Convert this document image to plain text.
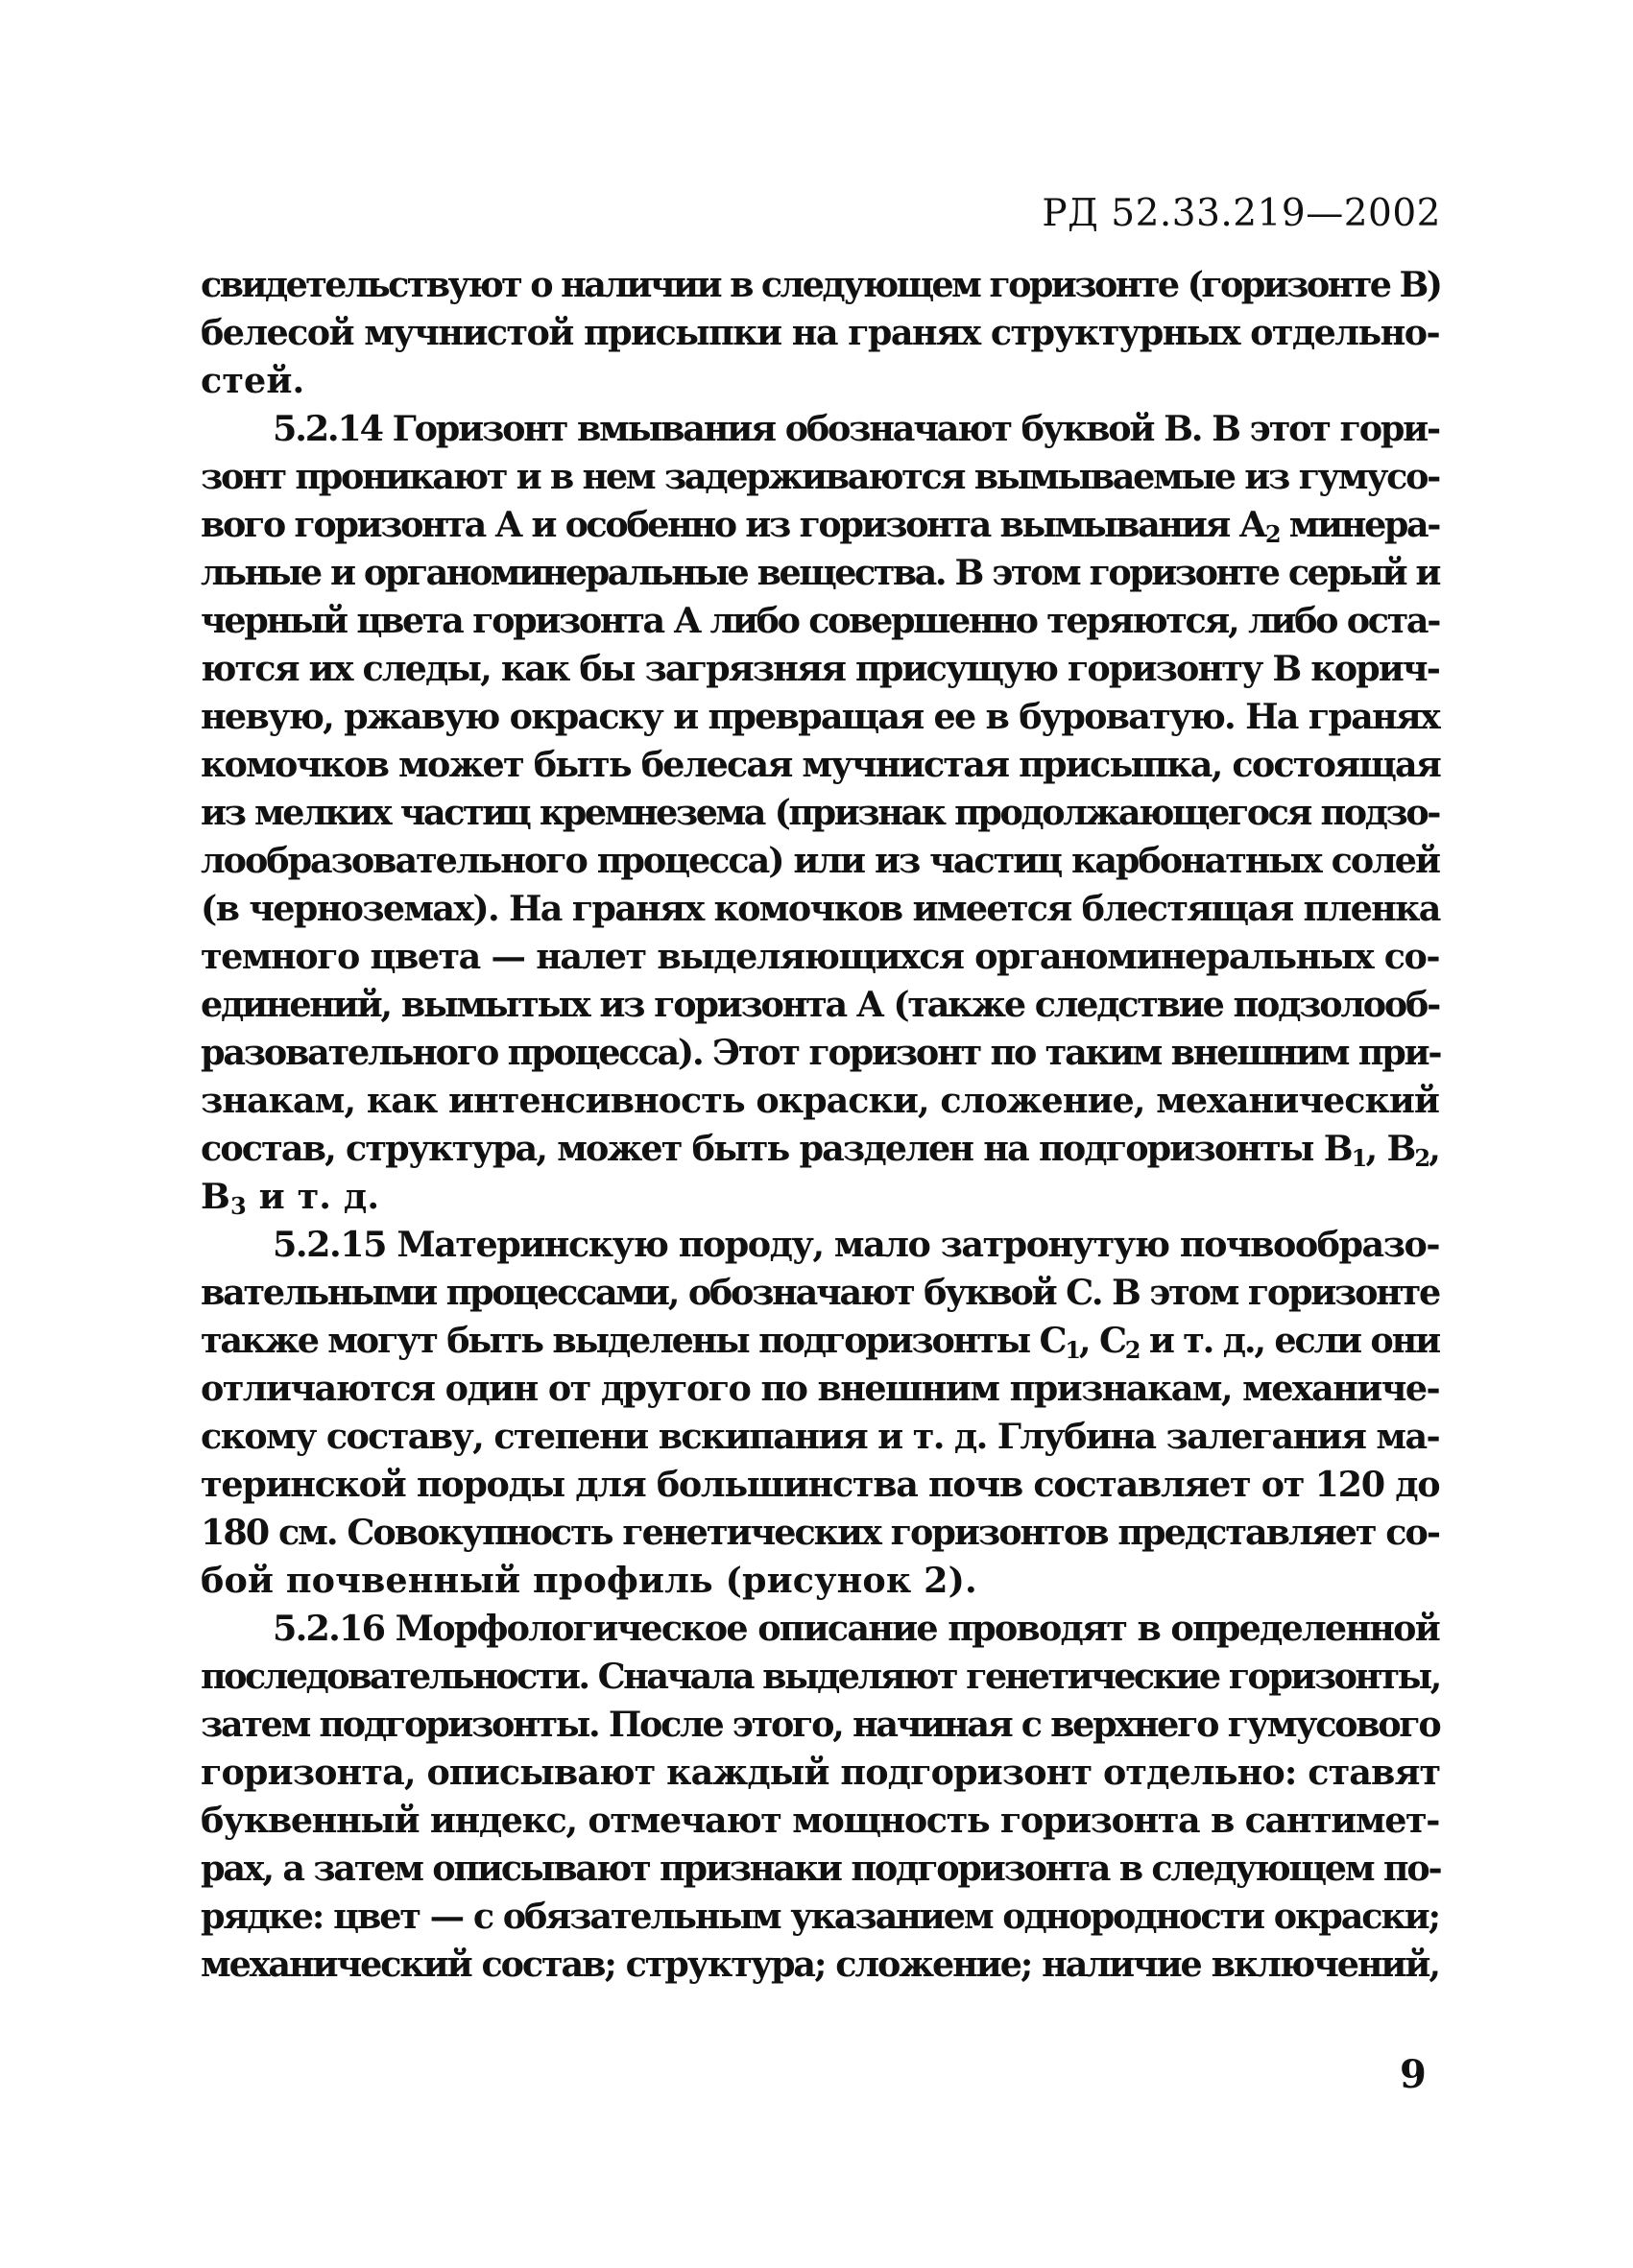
РД 52.33.219—2002
свидетельствуют о наличии в следующем горизонте (горизонте В)
белесой мучнистой присыпки на гранях структурных отдельно-
стей.
5.2.14 Горизонт вмывания обозначают буквой В. В этот гори-
зонт проникают и в нем задерживаются вымываемые из гумусо-
вого горизонта А и особенно из горизонта вымывания $А_2$ минера-
льные и органоминеральные вещества. В этом горизонте серый и
черный цвета горизонта А либо совершенно теряются, либо оста-
ются их следы, как бы загрязняя присущую горизонту В корич-
невую, ржавую окраску и превращая ее в буроватую. На гранях
комочков может быть белесая мучнистая присыпка, состоящая
из мелких частиц кремнезема (признак продолжающегося подзо-
лообразовательного процесса) или из частиц карбонатных солей
(в черноземах). На гранях комочков имеется блестящая пленка
темного цвета — налет выделяющихся органоминеральных со-
единений, вымытых из горизонта А (также следствие подзолооб-
разовательного процесса). Этот горизонт по таким внешним при-
знакам, как интенсивность окраски, сложение, механический
состав, структура, может быть разделен на подгоризонты $В_1$, $В_2$,
$В_3$ и т. д.
5.2.15 Материнскую породу, мало затронутую почвообразо-
вательными процессами, обозначают буквой С. В этом горизонте
также могут быть выделены подгоризонты $С_1$, $С_2$ и т. д., если они
отличаются один от другого по внешним признакам, механиче-
скому составу, степени вскипания и т. д. Глубина залегания ма-
теринской породы для большинства почв составляет от 120 до
180 см. Совокупность генетических горизонтов представляет со-
бой почвенный профиль (рисунок 2).
5.2.16 Морфологическое описание проводят в определенной
последовательности. Сначала выделяют генетические горизонты,
затем подгоризонты. После этого, начиная с верхнего гумусового
горизонта, описывают каждый подгоризонт отдельно: ставят
буквенный индекс, отмечают мощность горизонта в сантимет-
рах, а затем описывают признаки подгоризонта в следующем по-
рядке: цвет — с обязательным указанием однородности окраски;
механический состав; структура; сложение; наличие включений,
9
